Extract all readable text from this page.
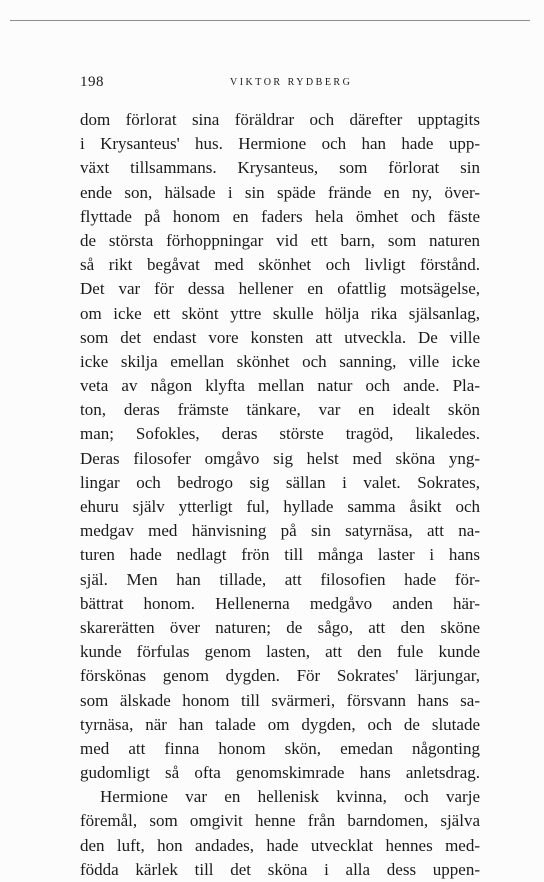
198	VIKTOR RYDBERG
dom förlorat sina föräldrar och därefter upptagits
i Krysanteus' hus. Hermione och han hade upp-
växt tillsammans. Krysanteus, som förlorat sin
ende son, hälsade i sin späde frände en ny, över-
flyttade på honom en faders hela ömhet och fäste
de största förhoppningar vid ett barn, som naturen
så rikt begåvat med skönhet och livligt förstånd.
Det var för dessa hellener en ofattlig motsägelse,
om icke ett skönt yttre skulle hölja rika själsanlag,
som det endast vore konsten att utveckla. De ville
icke skilja emellan skönhet och sanning, ville icke
veta av någon klyfta mellan natur och ande. Pla-
ton, deras främste tänkare, var en idealt skön
man; Sofokles, deras störste tragöd, likaledes.
Deras filosofer omgåvo sig helst med sköna yng-
lingar och bedrogo sig sällan i valet. Sokrates,
ehuru själv ytterligt ful, hyllade samma åsikt och
medgav med hänvisning på sin satyrnäsa, att na-
turen hade nedlagt frön till många laster i hans
själ. Men han tillade, att filosofien hade för-
bättrat honom. Hellenerna medgåvo anden här-
skarerätten över naturen; de sågo, att den sköne
kunde förfulas genom lasten, att den fule kunde
förskönas genom dygden. För Sokrates' lärjungar,
som älskade honom till svärmeri, försvann hans sa-
tyrnäsa, när han talade om dygden, och de slutade
med att finna honom skön, emedan någonting
gudomligt så ofta genomskimrade hans anletsdrag.
Hermione var en hellenisk kvinna, och varje
föremål, som omgivit henne från barndomen, själva
den luft, hon andades, hade utvecklat hennes med-
födda kärlek till det sköna i alla dess uppen-
